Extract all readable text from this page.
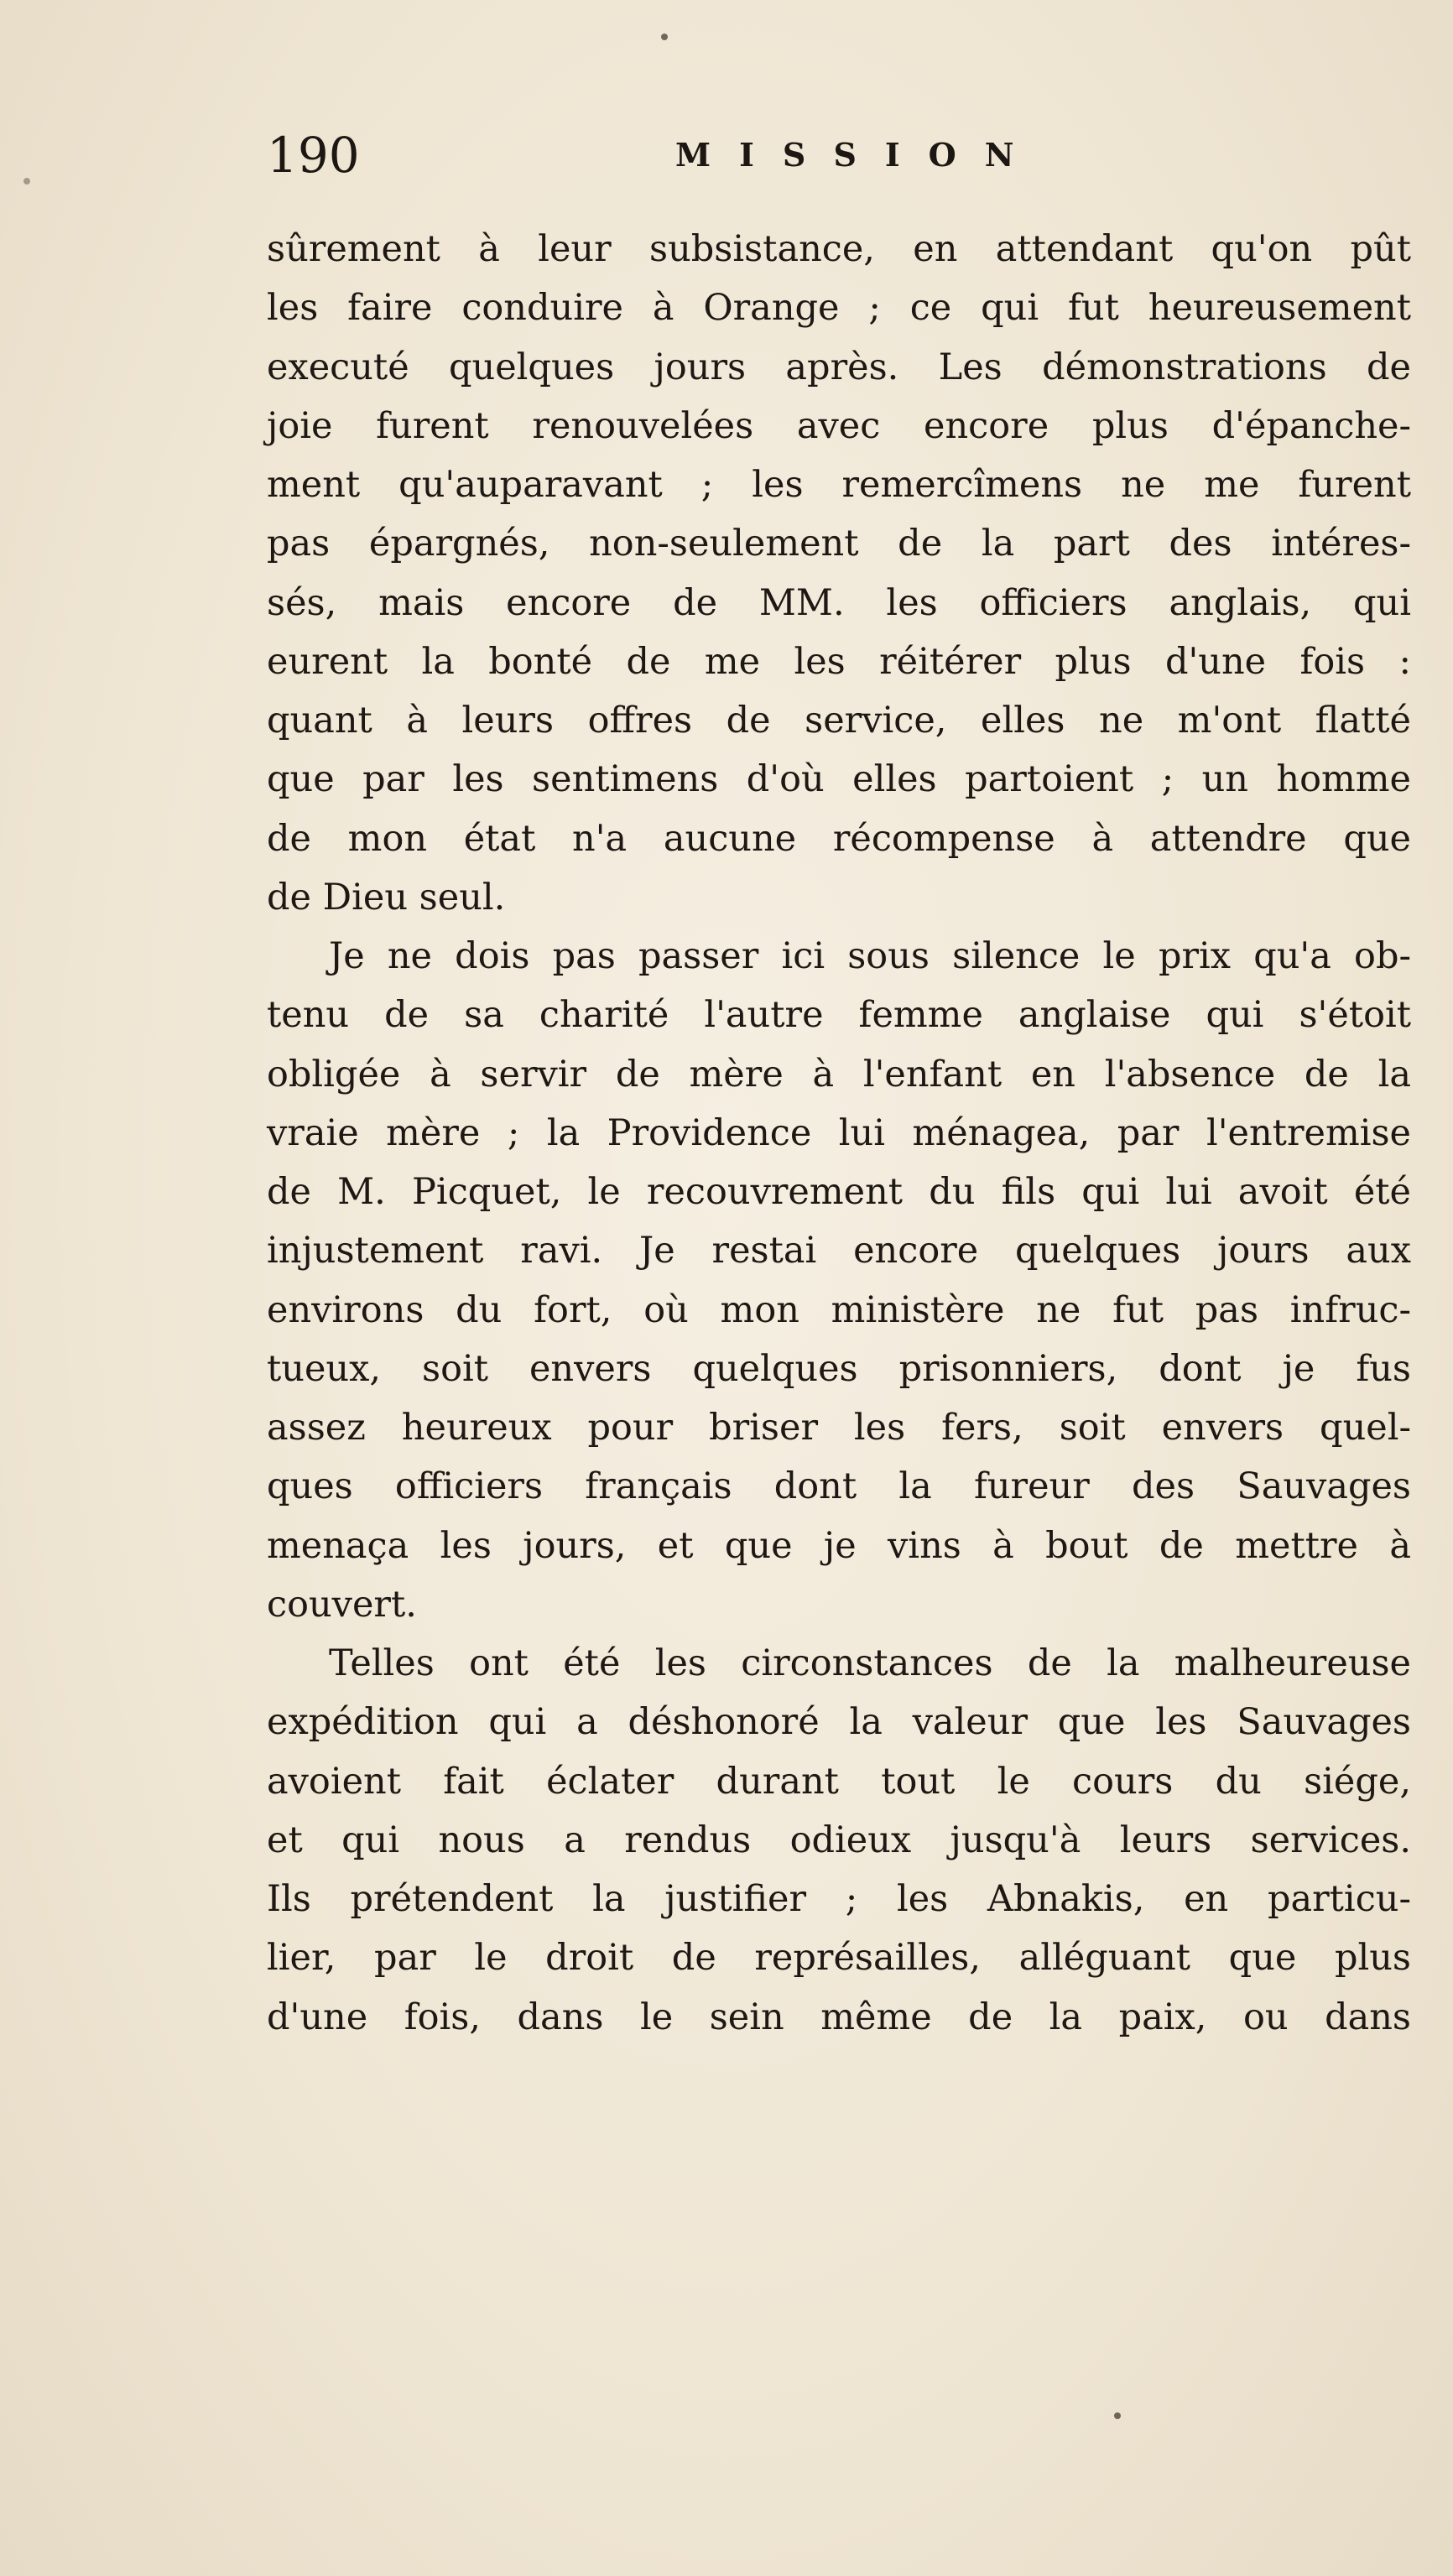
190	MISSION
sûrement à leur subsistance, en attendant qu'on pût
les faire conduire à Orange ; ce qui fut heureusement
executé quelques jours après. Les démonstrations de
joie furent renouvelées avec encore plus d'épanche-
ment qu'auparavant ; les remercîmens ne me furent
pas épargnés, non-seulement de la part des intéres-
sés, mais encore de MM. les officiers anglais, qui
eurent la bonté de me les réitérer plus d'une fois :
quant à leurs offres de service, elles ne m'ont flatté
que par les sentimens d'où elles partoient ; un homme
de mon état n'a aucune récompense à attendre que
de Dieu seul.
Je ne dois pas passer ici sous silence le prix qu'a ob-
tenu de sa charité l'autre femme anglaise qui s'étoit
obligée à servir de mère à l'enfant en l'absence de la
vraie mère ; la Providence lui ménagea, par l'entremise
de M. Picquet, le recouvrement du fils qui lui avoit été
injustement ravi. Je restai encore quelques jours aux
environs du fort, où mon ministère ne fut pas infruc-
tueux, soit envers quelques prisonniers, dont je fus
assez heureux pour briser les fers, soit envers quel-
ques officiers français dont la fureur des Sauvages
menaça les jours, et que je vins à bout de mettre à
couvert.
Telles ont été les circonstances de la malheureuse
expédition qui a déshonoré la valeur que les Sauvages
avoient fait éclater durant tout le cours du siége,
et qui nous a rendus odieux jusqu'à leurs services.
Ils prétendent la justifier ; les Abnakis, en particu-
lier, par le droit de représailles, alléguant que plus
d'une fois, dans le sein même de la paix, ou dans
